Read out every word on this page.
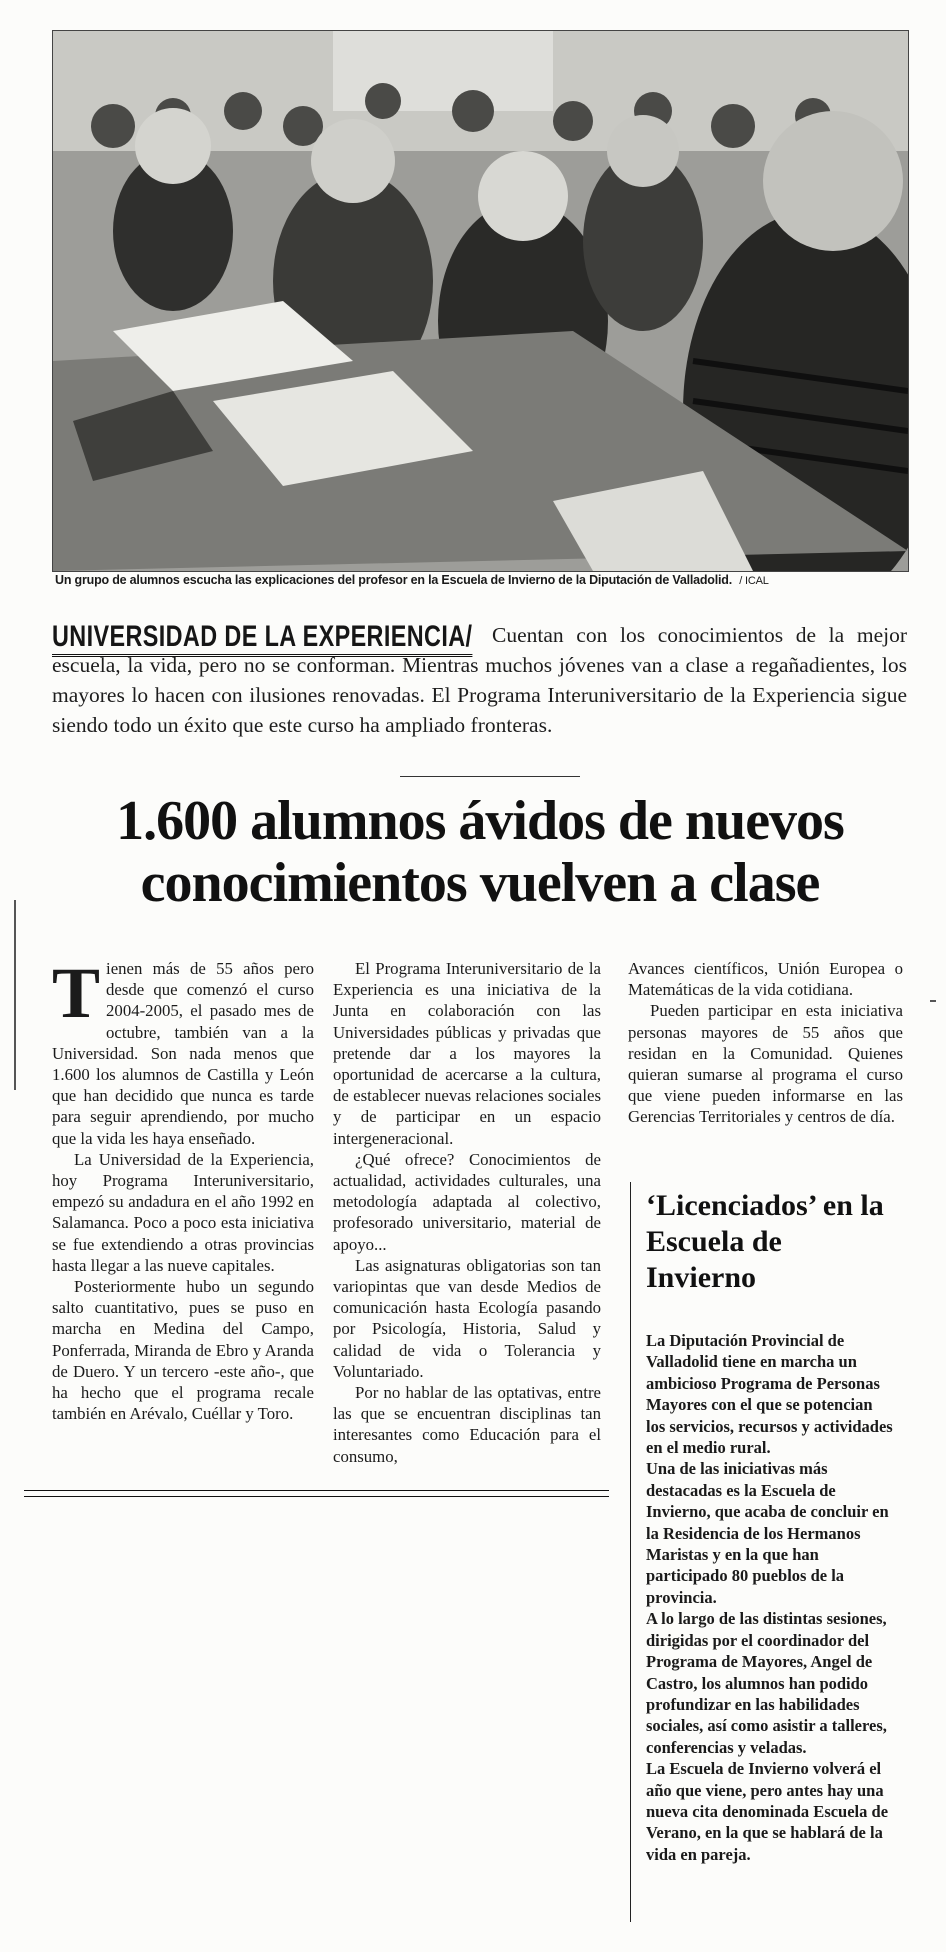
Un grupo de alumnos escucha las explicaciones del profesor en la Escuela de Invierno de la Diputación de Valladolid. / ICAL
Cuentan con los conocimientos de la mejor escuela, la vida, pero no se conforman. Mientras muchos jóvenes van a clase a regañadientes, los mayores lo hacen con ilusiones renovadas. El Programa Interuniversitario de la Experiencia sigue siendo todo un éxito que este curso ha ampliado fronteras.
UNIVERSIDAD DE LA EXPERIENCIA/
1.600 alumnos ávidos de nuevos conocimientos vuelven a clase

Tienen más de 55 años pero desde que comenzó el curso 2004-2005, el pasado mes de octubre, también van a la Universidad. Son nada menos que 1.600 los alumnos de Castilla y León que han decidido que nunca es tarde para seguir aprendiendo, por mucho que la vida les haya enseñado.

La Universidad de la Experiencia, hoy Programa Interuniversitario, empezó su andadura en el año 1992 en Salamanca. Poco a poco esta iniciativa se fue extendiendo a otras provincias hasta llegar a las nueve capitales.

Posteriormente hubo un segundo salto cuantitativo, pues se puso en marcha en Medina del Campo, Ponferrada, Miranda de Ebro y Aranda de Duero. Y un tercero -este año-, que ha hecho que el programa recale también en Arévalo, Cuéllar y Toro.

El Programa Interuniversitario de la Experiencia es una iniciativa de la Junta en colaboración con las Universidades públicas y privadas que pretende dar a los mayores la oportunidad de acercarse a la cultura, de establecer nuevas relaciones sociales y de participar en un espacio intergeneracional.

¿Qué ofrece? Conocimientos de actualidad, actividades culturales, una metodología adaptada al colectivo, profesorado universitario, material de apoyo...

Las asignaturas obligatorias son tan variopintas que van desde Medios de comunicación hasta Ecología pasando por Psicología, Historia, Salud y calidad de vida o Tolerancia y Voluntariado.

Por no hablar de las optativas, entre las que se encuentran disciplinas tan interesantes como Educación para el consumo,

Avances científicos, Unión Europea o Matemáticas de la vida cotidiana.

Pueden participar en esta iniciativa personas mayores de 55 años que residan en la Comunidad. Quienes quieran sumarse al programa el curso que viene pueden informarse en las Gerencias Territoriales y centros de día.

‘Licenciados’ en la Escuela de Invierno

La Diputación Provincial de Valladolid tiene en marcha un ambicioso Programa de Personas Mayores con el que se potencian los servicios, recursos y actividades en el medio rural.

Una de las iniciativas más destacadas es la Escuela de Invierno, que acaba de concluir en la Residencia de los Hermanos Maristas y en la que han participado 80 pueblos de la provincia.

A lo largo de las distintas sesiones, dirigidas por el coordinador del Programa de Mayores, Angel de Castro, los alumnos han podido profundizar en las habilidades sociales, así como asistir a talleres, conferencias y veladas.

La Escuela de Invierno volverá el año que viene, pero antes hay una nueva cita denominada Escuela de Verano, en la que se hablará de la vida en pareja.
